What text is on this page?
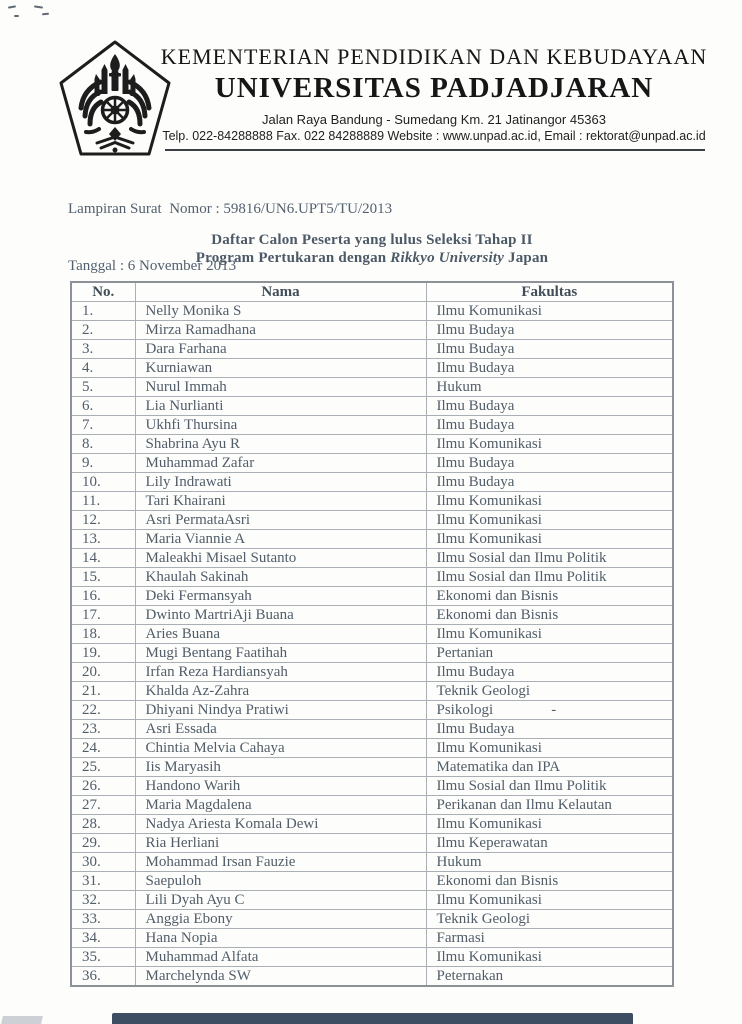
KEMENTERIAN PENDIDIKAN DAN KEBUDAYAAN
UNIVERSITAS PADJADJARAN
Jalan Raya Bandung - Sumedang Km. 21 Jatinangor 45363
Telp. 022-84288888 Fax. 022 84288889 Website : www.unpad.ac.id, Email : rektorat@unpad.ac.id

Lampiran Surat  Nomor : 59816/UN6.UPT5/TU/2013

Tanggal : 6 November 2013

Daftar Calon Peserta yang lulus Seleksi Tahap II
Program Pertukaran dengan Rikkyo University Japan
No.	Nama	Fakultas
1.	Nelly Monika S	Ilmu Komunikasi
2.	Mirza Ramadhana	Ilmu Budaya
3.	Dara Farhana	Ilmu Budaya
4.	Kurniawan	Ilmu Budaya
5.	Nurul Immah	Hukum
6.	Lia Nurlianti	Ilmu Budaya
7.	Ukhfi Thursina	Ilmu Budaya
8.	Shabrina Ayu R	Ilmu Komunikasi
9.	Muhammad Zafar	Ilmu Budaya
10.	Lily Indrawati	Ilmu Budaya
11.	Tari Khairani	Ilmu Komunikasi
12.	Asri PermataAsri	Ilmu Komunikasi
13.	Maria Viannie A	Ilmu Komunikasi
14.	Maleakhi Misael Sutanto	Ilmu Sosial dan Ilmu Politik
15.	Khaulah Sakinah	Ilmu Sosial dan Ilmu Politik
16.	Deki Fermansyah	Ekonomi dan Bisnis
17.	Dwinto MartriAji Buana	Ekonomi dan Bisnis
18.	Aries Buana	Ilmu Komunikasi
19.	Mugi Bentang Faatihah	Pertanian
20.	Irfan Reza Hardiansyah	Ilmu Budaya
21.	Khalda Az-Zahra	Teknik Geologi
22.	Dhiyani Nindya Pratiwi	Psikologi -
23.	Asri Essada	Ilmu Budaya
24.	Chintia Melvia Cahaya	Ilmu Komunikasi
25.	Iis Maryasih	Matematika dan IPA
26.	Handono Warih	Ilmu Sosial dan Ilmu Politik
27.	Maria Magdalena	Perikanan dan Ilmu Kelautan
28.	Nadya Ariesta Komala Dewi	Ilmu Komunikasi
29.	Ria Herliani	Ilmu Keperawatan
30.	Mohammad Irsan Fauzie	Hukum
31.	Saepuloh	Ekonomi dan Bisnis
32.	Lili Dyah Ayu C	Ilmu Komunikasi
33.	Anggia Ebony	Teknik Geologi
34.	Hana Nopia	Farmasi
35.	Muhammad Alfata	Ilmu Komunikasi
36.	Marchelynda SW	Peternakan
